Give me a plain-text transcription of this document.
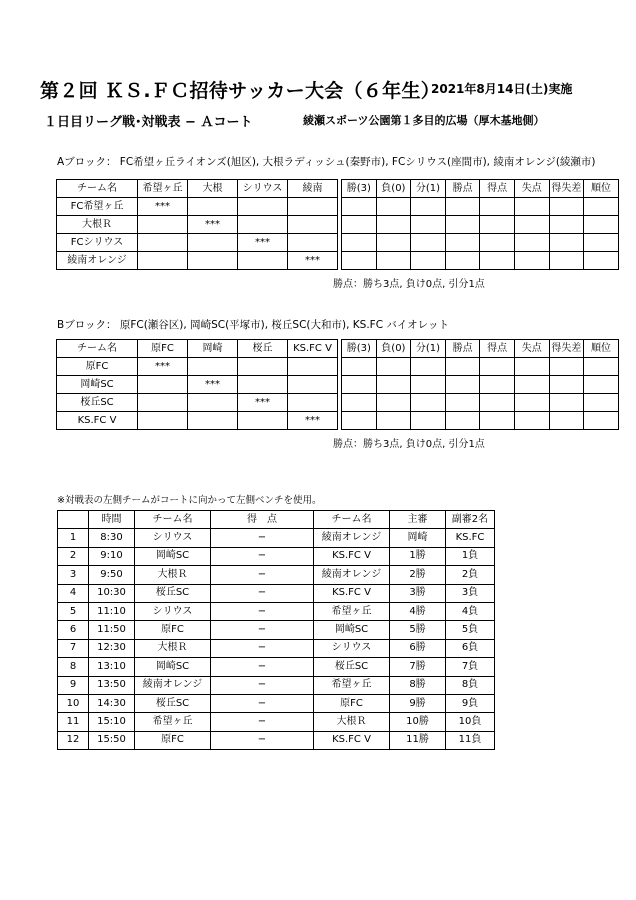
第２回 ＫＳ.ＦＣ招待サッカー大会（６年生）
2021年8月14日(土)実施
１日目リーグ戦･対戦表 − Ａコート	綾瀬スポーツ公園第１多目的広場（厚木基地側）
Aブロック： FC希望ヶ丘ライオンズ(旭区), 大根ラディッシュ(秦野市), FCシリウス(座間市), 綾南オレンジ(綾瀬市)
チーム名	希望ヶ丘	大根	シリウス	綾南		勝(3)	負(0)	分(1)	勝点	得点	失点	得失差	順位
FC希望ヶ丘	***												
大根Ｒ		***											
FCシリウス			***										
綾南オレンジ				***									
勝点：勝ち3点, 負け0点, 引分1点
Bブロック： 原FC(瀬谷区), 岡崎SC(平塚市), 桜丘SC(大和市), KS.FC バイオレット
チーム名	原FC	岡崎	桜丘	KS.FC V		勝(3)	負(0)	分(1)	勝点	得点	失点	得失差	順位
原FC	***												
岡崎SC		***											
桜丘SC			***										
KS.FC V				***									
勝点：勝ち3点, 負け0点, 引分1点
※対戦表の左側チームがコートに向かって左側ベンチを使用。
	時間	チーム名	得　点	チーム名	主審	副審2名
1	8:30	シリウス	−	綾南オレンジ	岡崎	KS.FC
2	9:10	岡崎SC	−	KS.FC V	1勝	1負
3	9:50	大根Ｒ	−	綾南オレンジ	2勝	2負
4	10:30	桜丘SC	−	KS.FC V	3勝	3負
5	11:10	シリウス	−	希望ヶ丘	4勝	4負
6	11:50	原FC	−	岡崎SC	5勝	5負
7	12:30	大根Ｒ	−	シリウス	6勝	6負
8	13:10	岡崎SC	−	桜丘SC	7勝	7負
9	13:50	綾南オレンジ	−	希望ヶ丘	8勝	8負
10	14:30	桜丘SC	−	原FC	9勝	9負
11	15:10	希望ヶ丘	−	大根Ｒ	10勝	10負
12	15:50	原FC	−	KS.FC V	11勝	11負
